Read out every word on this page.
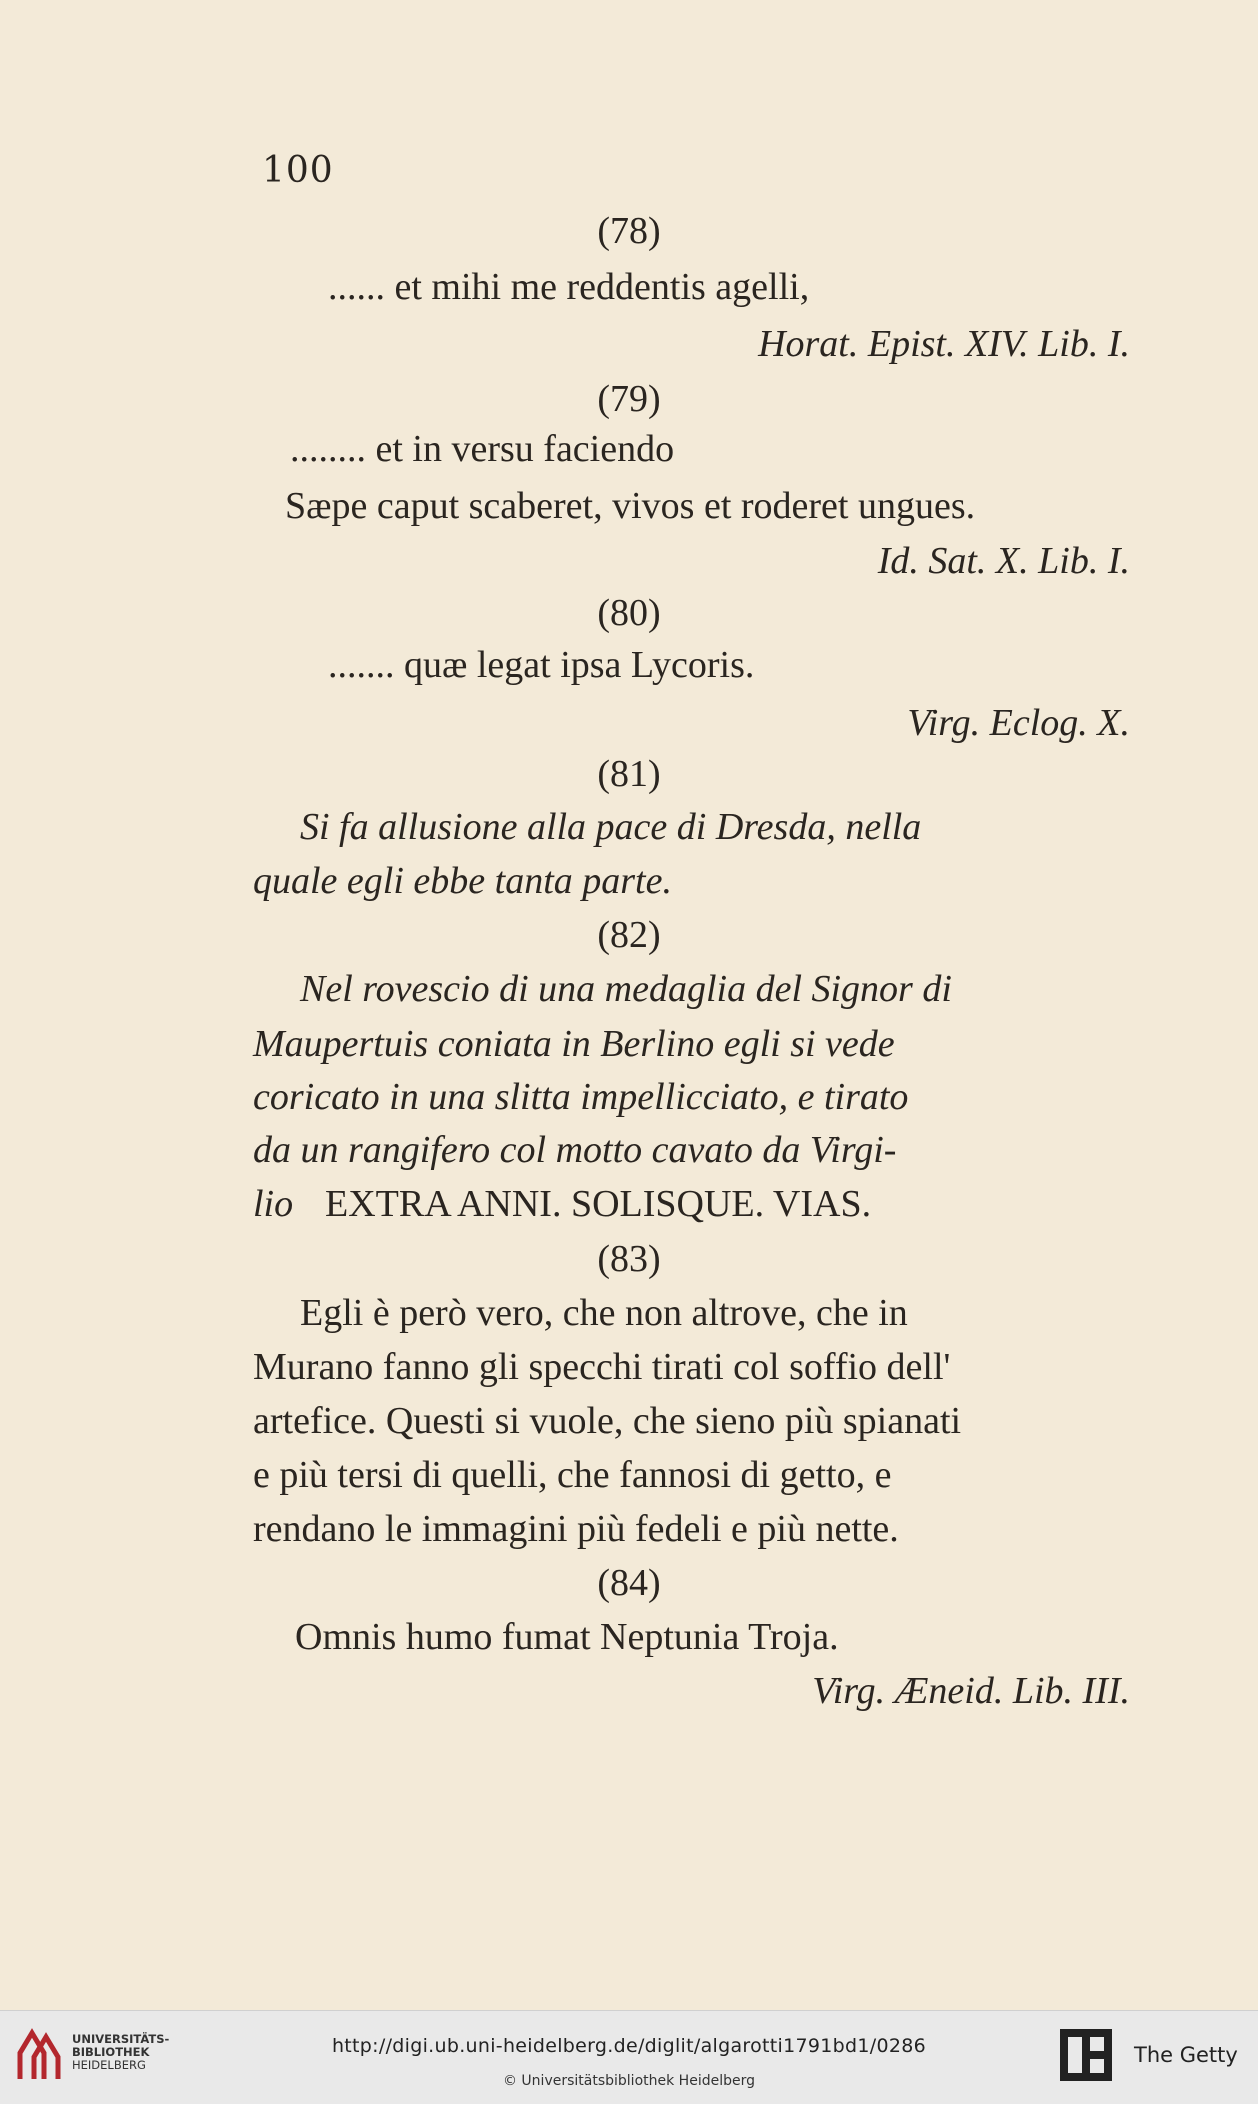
100
(78)
...... et mihi me reddentis agelli,
Horat. Epist. XIV. Lib. I.
(79)
........ et in versu faciendo
Sæpe caput scaberet, vivos et roderet ungues.
Id. Sat. X. Lib. I.
(80)
....... quæ legat ipsa Lycoris.
Virg. Eclog. X.
(81)
Si fa allusione alla pace di Dresda, nella
quale egli ebbe tanta parte.
(82)
Nel rovescio di una medaglia del Signor di
Maupertuis coniata in Berlino egli si vede
coricato in una slitta impellicciato, e tirato
da un rangifero col motto cavato da Virgi-
lio EXTRA ANNI. SOLISQUE. VIAS.
(83)
Egli è però vero, che non altrove, che in
Murano fanno gli specchi tirati col soffio dell'
artefice. Questi si vuole, che sieno più spianati
e più tersi di quelli, che fannosi di getto, e
rendano le immagini più fedeli e più nette.
(84)
Omnis humo fumat Neptunia Troja.
Virg. Æneid. Lib. III.
UNIVERSITÄTS-
BIBLIOTHEK
HEIDELBERG
http://digi.ub.uni-heidelberg.de/diglit/algarotti1791bd1/0286
© Universitätsbibliothek Heidelberg
The Getty
